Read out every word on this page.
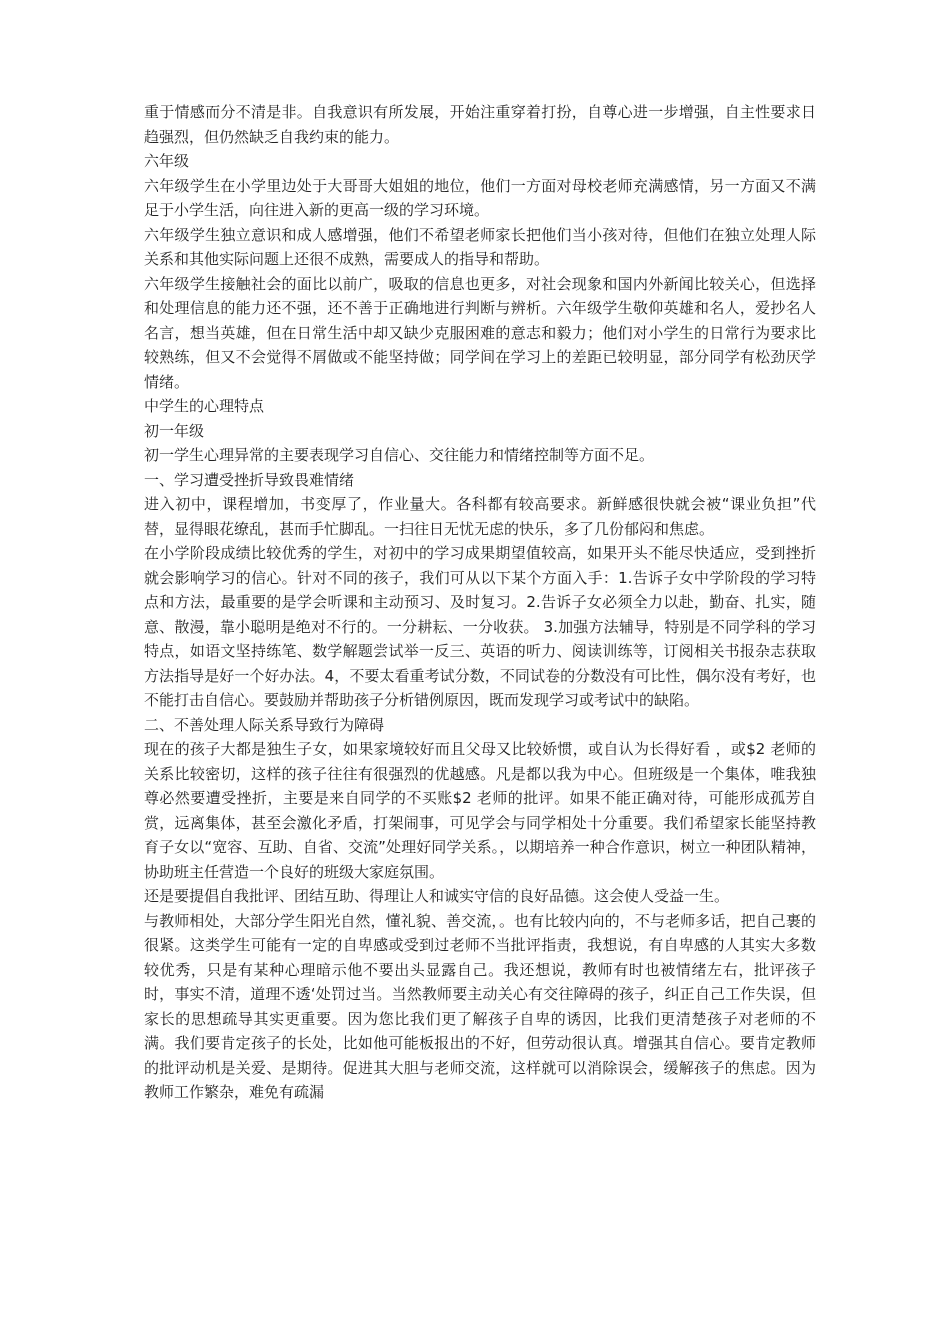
重于情感而分不清是非。自我意识有所发展，开始注重穿着打扮，自尊心进一步增强，自主性要求日趋强烈，但仍然缺乏自我约束的能力。

六年级

六年级学生在小学里边处于大哥哥大姐姐的地位，他们一方面对母校老师充满感情，另一方面又不满足于小学生活，向往进入新的更高一级的学习环境。

六年级学生独立意识和成人感增强，他们不希望老师家长把他们当小孩对待，但他们在独立处理人际关系和其他实际问题上还很不成熟，需要成人的指导和帮助。

六年级学生接触社会的面比以前广，吸取的信息也更多，对社会现象和国内外新闻比较关心，但选择和处理信息的能力还不强，还不善于正确地进行判断与辨析。六年级学生敬仰英雄和名人，爱抄名人名言，想当英雄，但在日常生活中却又缺少克服困难的意志和毅力；他们对小学生的日常行为要求比较熟练，但又不会觉得不屑做或不能坚持做；同学间在学习上的差距已较明显，部分同学有松劲厌学情绪。

中学生的心理特点

初一年级

初一学生心理异常的主要表现学习自信心、交往能力和情绪控制等方面不足。

一、学习遭受挫折导致畏难情绪

进入初中，课程增加，书变厚了，作业量大。各科都有较高要求。新鲜感很快就会被“课业负担”代替，显得眼花缭乱，甚而手忙脚乱。一扫往日无忧无虑的快乐，多了几份郁闷和焦虑。

在小学阶段成绩比较优秀的学生，对初中的学习成果期望值较高，如果开头不能尽快适应，受到挫折就会影响学习的信心。针对不同的孩子，我们可从以下某个方面入手：1.告诉子女中学阶段的学习特点和方法，最重要的是学会听课和主动预习、及时复习。2.告诉子女必须全力以赴，勤奋、扎实，随意、散漫，靠小聪明是绝对不行的。一分耕耘、一分收获。 3.加强方法辅导，特别是不同学科的学习特点，如语文坚持练笔、数学解题尝试举一反三、英语的听力、阅读训练等，订阅相关书报杂志获取方法指导是好一个好办法。4，不要太看重考试分数，不同试卷的分数没有可比性，偶尔没有考好，也不能打击自信心。要鼓励并帮助孩子分析错例原因，既而发现学习或考试中的缺陷。

二、不善处理人际关系导致行为障碍

现在的孩子大都是独生子女，如果家境较好而且父母又比较娇惯，或自认为长得好看 ，或$2 老师的关系比较密切，这样的孩子往往有很强烈的优越感。凡是都以我为中心。但班级是一个集体，唯我独尊必然要遭受挫折，主要是来自同学的不买账$2 老师的批评。如果不能正确对待，可能形成孤芳自赏，远离集体，甚至会激化矛盾，打架闹事，可见学会与同学相处十分重要。我们希望家长能坚持教育子女以“宽容、互助、自省、交流”处理好同学关系。，以期培养一种合作意识，树立一种团队精神，协助班主任营造一个良好的班级大家庭氛围。

还是要提倡自我批评、团结互助、得理让人和诚实守信的良好品德。这会使人受益一生。

与教师相处，大部分学生阳光自然，懂礼貌、善交流，。也有比较内向的，不与老师多话，把自己裹的很紧。这类学生可能有一定的自卑感或受到过老师不当批评指责，我想说，有自卑感的人其实大多数较优秀，只是有某种心理暗示他不要出头显露自己。我还想说，教师有时也被情绪左右，批评孩子时，事实不清，道理不透‘处罚过当。当然教师要主动关心有交往障碍的孩子，纠正自己工作失误，但家长的思想疏导其实更重要。因为您比我们更了解孩子自卑的诱因，比我们更清楚孩子对老师的不满。我们要肯定孩子的长处，比如他可能板报出的不好，但劳动很认真。增强其自信心。要肯定教师的批评动机是关爱、是期待。促进其大胆与老师交流，这样就可以消除误会，缓解孩子的焦虑。因为教师工作繁杂，难免有疏漏
